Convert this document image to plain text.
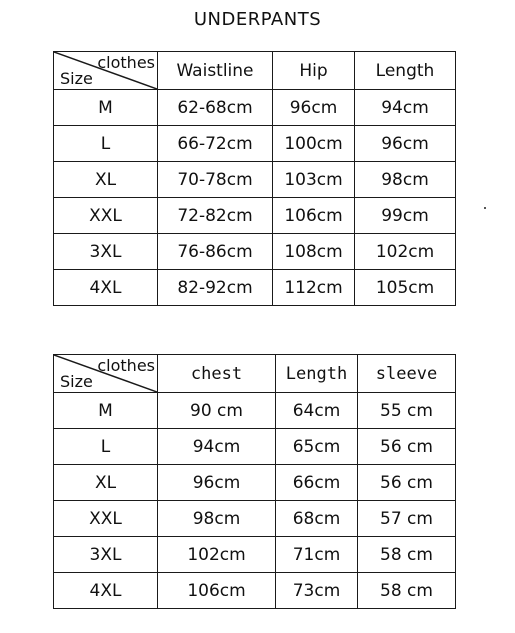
UNDERPANTS
clothes
Size	Waistline	Hip	Length
M	62-68cm	96cm	94cm
L	66-72cm	100cm	96cm
XL	70-78cm	103cm	98cm
XXL	72-82cm	106cm	99cm
3XL	76-86cm	108cm	102cm
4XL	82-92cm	112cm	105cm
clothes
Size	chest	Length	sleeve
M	90 cm	64cm	55 cm
L	94cm	65cm	56 cm
XL	96cm	66cm	56 cm
XXL	98cm	68cm	57 cm
3XL	102cm	71cm	58 cm
4XL	106cm	73cm	58 cm
